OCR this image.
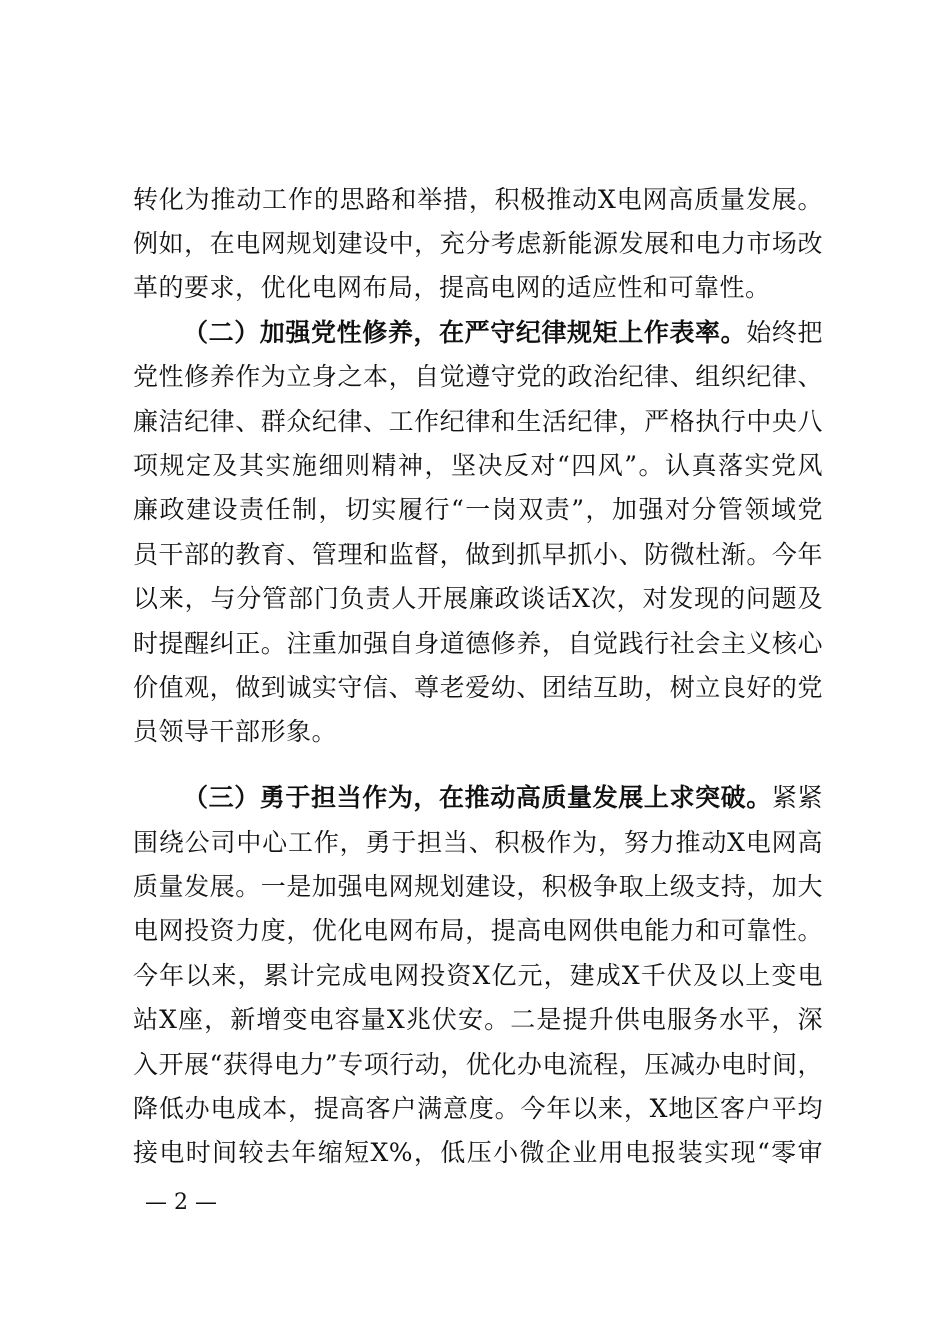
转化为推动工作的思路和举措，积极推动X电网高质量发展。
例如，在电网规划建设中，充分考虑新能源发展和电力市场改
革的要求，优化电网布局，提高电网的适应性和可靠性。
（二）加强党性修养，在严守纪律规矩上作表率。始终把
党性修养作为立身之本，自觉遵守党的政治纪律、组织纪律、
廉洁纪律、群众纪律、工作纪律和生活纪律，严格执行中央八
项规定及其实施细则精神，坚决反对“四风”。认真落实党风
廉政建设责任制，切实履行“一岗双责”，加强对分管领域党
员干部的教育、管理和监督，做到抓早抓小、防微杜渐。今年
以来，与分管部门负责人开展廉政谈话X次，对发现的问题及
时提醒纠正。注重加强自身道德修养，自觉践行社会主义核心
价值观，做到诚实守信、尊老爱幼、团结互助，树立良好的党
员领导干部形象。
（三）勇于担当作为，在推动高质量发展上求突破。紧紧
围绕公司中心工作，勇于担当、积极作为，努力推动X电网高
质量发展。一是加强电网规划建设，积极争取上级支持，加大
电网投资力度，优化电网布局，提高电网供电能力和可靠性。
今年以来，累计完成电网投资X亿元，建成X千伏及以上变电
站X座，新增变电容量X兆伏安。二是提升供电服务水平，深
入开展“获得电力”专项行动，优化办电流程，压减办电时间，
降低办电成本，提高客户满意度。今年以来，X地区客户平均
接电时间较去年缩短X%，低压小微企业用电报装实现“零审
— 2 —
